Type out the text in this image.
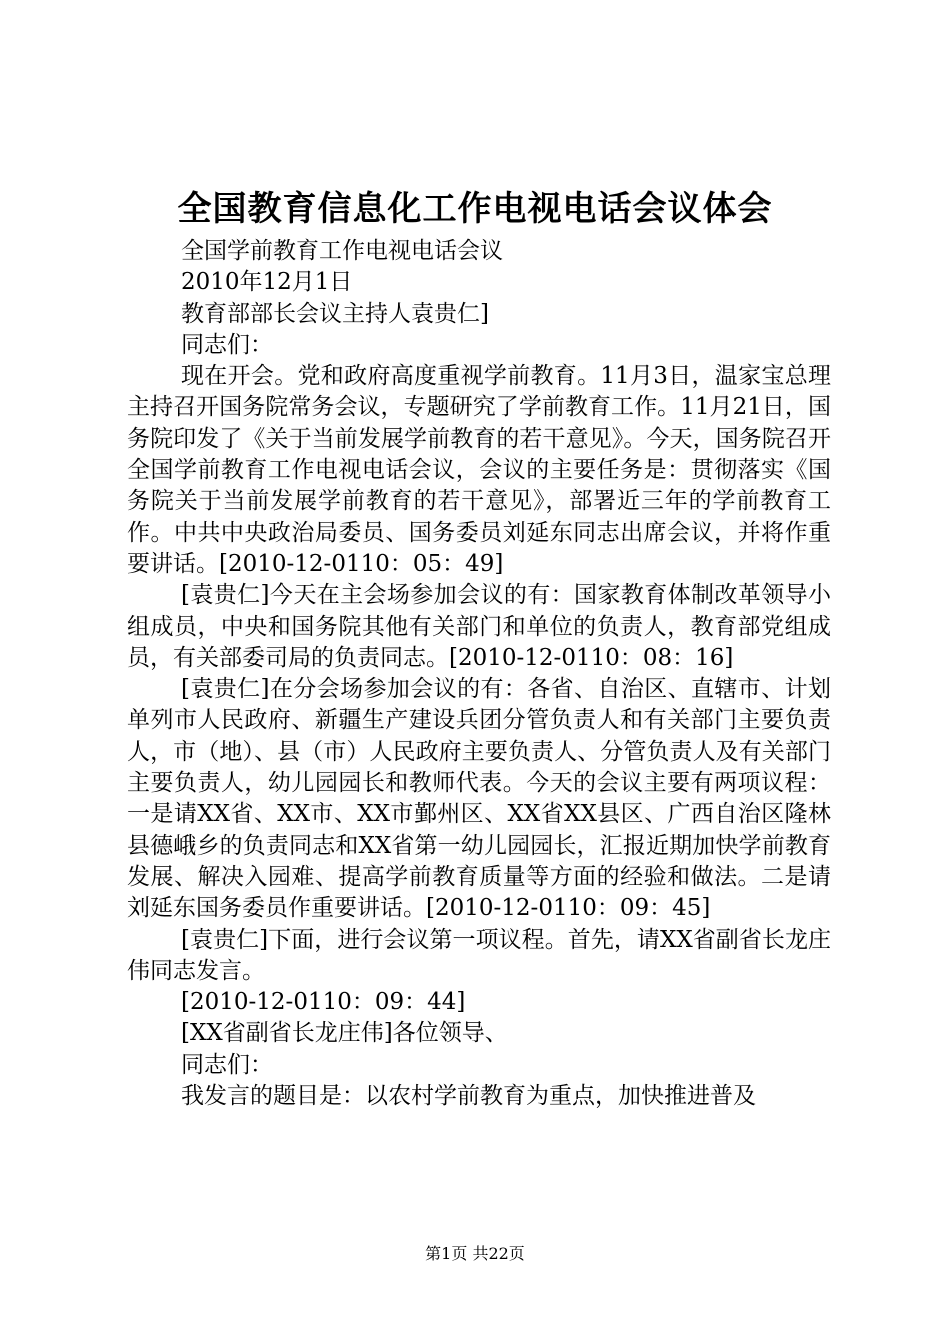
全国教育信息化工作电视电话会议体会

全国学前教育工作电视电话会议

2010年12月1日

教育部部长会议主持人袁贵仁]

同志们：

现在开会。党和政府高度重视学前教育。11月3日，温家宝总理主持召开国务院常务会议，专题研究了学前教育工作。11月21日，国务院印发了《关于当前发展学前教育的若干意见》。今天，国务院召开全国学前教育工作电视电话会议，会议的主要任务是：贯彻落实《国务院关于当前发展学前教育的若干意见》，部署近三年的学前教育工作。中共中央政治局委员、国务委员刘延东同志出席会议，并将作重要讲话。[2010-12-0110：05：49]

[袁贵仁]今天在主会场参加会议的有：国家教育体制改革领导小组成员，中央和国务院其他有关部门和单位的负责人，教育部党组成员，有关部委司局的负责同志。[2010-12-0110：08：16]

[袁贵仁]在分会场参加会议的有：各省、自治区、直辖市、计划单列市人民政府、新疆生产建设兵团分管负责人和有关部门主要负责人，市（地）、县（市）人民政府主要负责人、分管负责人及有关部门主要负责人，幼儿园园长和教师代表。今天的会议主要有两项议程：一是请XX省、XX市、XX市鄞州区、XX省XX县区、广西自治区隆林县德峨乡的负责同志和XX省第一幼儿园园长，汇报近期加快学前教育发展、解决入园难、提高学前教育质量等方面的经验和做法。二是请刘延东国务委员作重要讲话。[2010-12-0110：09：45]

[袁贵仁]下面，进行会议第一项议程。首先，请XX省副省长龙庄伟同志发言。

[2010-12-0110：09：44]

[XX省副省长龙庄伟]各位领导、

同志们：

我发言的题目是：以农村学前教育为重点，加快推进普及

第1页 共22页
